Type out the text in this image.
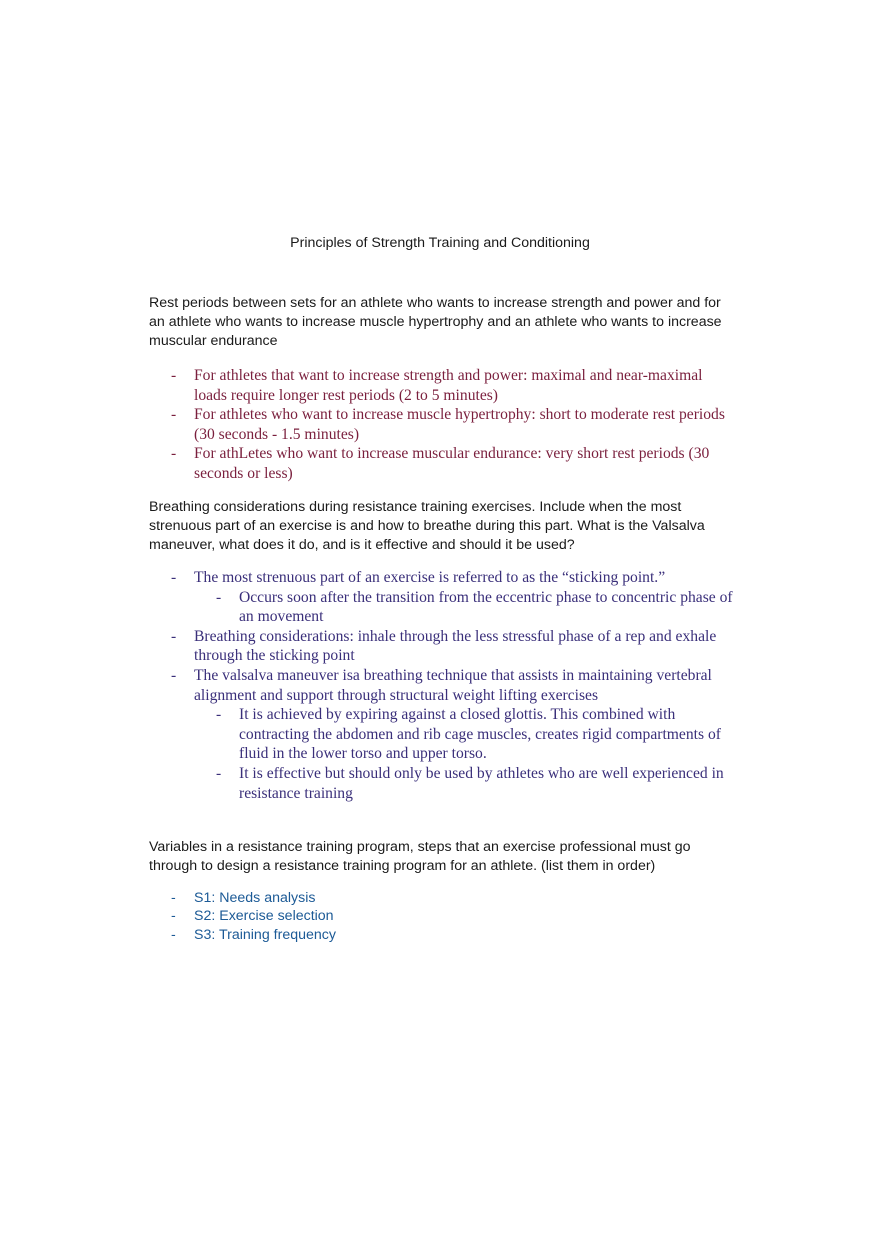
Principles of Strength Training and Conditioning

Rest periods between sets for an athlete who wants to increase strength and power and for an athlete who wants to increase muscle hypertrophy and an athlete who wants to increase muscular endurance

- For athletes that want to increase strength and power: maximal and near-maximal loads require longer rest periods (2 to 5 minutes)
- For athletes who want to increase muscle hypertrophy: short to moderate rest periods (30 seconds - 1.5 minutes)
- For athLetes who want to increase muscular endurance: very short rest periods (30 seconds or less)

Breathing considerations during resistance training exercises. Include when the most strenuous part of an exercise is and how to breathe during this part. What is the Valsalva maneuver, what does it do, and is it effective and should it be used?

- The most strenuous part of an exercise is referred to as the “sticking point.”
- Occurs soon after the transition from the eccentric phase to concentric phase of an movement
- Breathing considerations: inhale through the less stressful phase of a rep and exhale through the sticking point
- The valsalva maneuver isa breathing technique that assists in maintaining vertebral alignment and support through structural weight lifting exercises
- It is achieved by expiring against a closed glottis. This combined with contracting the abdomen and rib cage muscles, creates rigid compartments of fluid in the lower torso and upper torso.
- It is effective but should only be used by athletes who are well experienced in resistance training

Variables in a resistance training program, steps that an exercise professional must go through to design a resistance training program for an athlete. (list them in order)

- S1: Needs analysis
- S2: Exercise selection
- S3: Training frequency
